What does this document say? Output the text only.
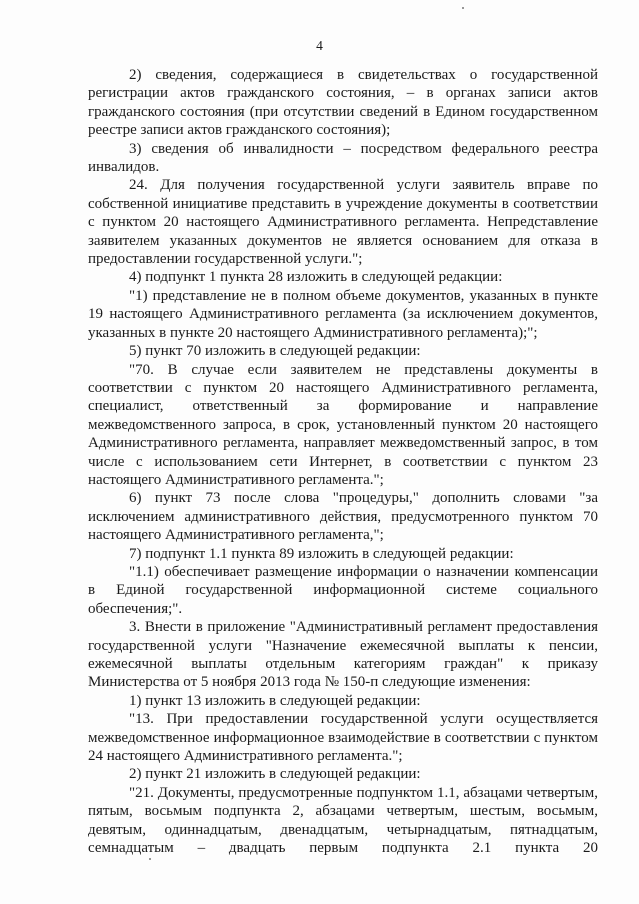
4

2) сведения, содержащиеся в свидетельствах о государственной регистрации актов гражданского состояния, – в органах записи актов гражданского состояния (при отсутствии сведений в Едином государственном реестре записи актов гражданского состояния);

3) сведения об инвалидности – посредством федерального реестра инвалидов.

24. Для получения государственной услуги заявитель вправе по собственной инициативе представить в учреждение документы в соответствии с пунктом 20 настоящего Административного регламента. Непредставление заявителем указанных документов не является основанием для отказа в предоставлении государственной услуги.";

4) подпункт 1 пункта 28 изложить в следующей редакции:

"1) представление не в полном объеме документов, указанных в пункте 19 настоящего Административного регламента (за исключением документов, указанных в пункте 20 настоящего Административного регламента);";

5) пункт 70 изложить в следующей редакции:

"70. В случае если заявителем не представлены документы в соответствии с пунктом 20 настоящего Административного регламента, специалист, ответственный за формирование и направление межведомственного запроса, в срок, установленный пунктом 20 настоящего Административного регламента, направляет межведомственный запрос, в том числе с использованием сети Интернет, в соответствии с пунктом 23 настоящего Административного регламента.";

6) пункт 73 после слова "процедуры," дополнить словами "за исключением административного действия, предусмотренного пунктом 70 настоящего Административного регламента,";

7) подпункт 1.1 пункта 89 изложить в следующей редакции:

"1.1) обеспечивает размещение информации о назначении компенсации в Единой государственной информационной системе социального обеспечения;".

3. Внести в приложение "Административный регламент предоставления государственной услуги "Назначение ежемесячной выплаты к пенсии, ежемесячной выплаты отдельным категориям граждан" к приказу Министерства от 5 ноября 2013 года № 150-п следующие изменения:

1) пункт 13 изложить в следующей редакции:

"13. При предоставлении государственной услуги осуществляется межведомственное информационное взаимодействие в соответствии с пунктом 24 настоящего Административного регламента.";

2) пункт 21 изложить в следующей редакции:

"21. Документы, предусмотренные подпунктом 1.1, абзацами четвертым, пятым, восьмым подпункта 2, абзацами четвертым, шестым, восьмым, девятым, одиннадцатым, двенадцатым, четырнадцатым, пятнадцатым, семнадцатым – двадцать первым подпункта 2.1 пункта 20
